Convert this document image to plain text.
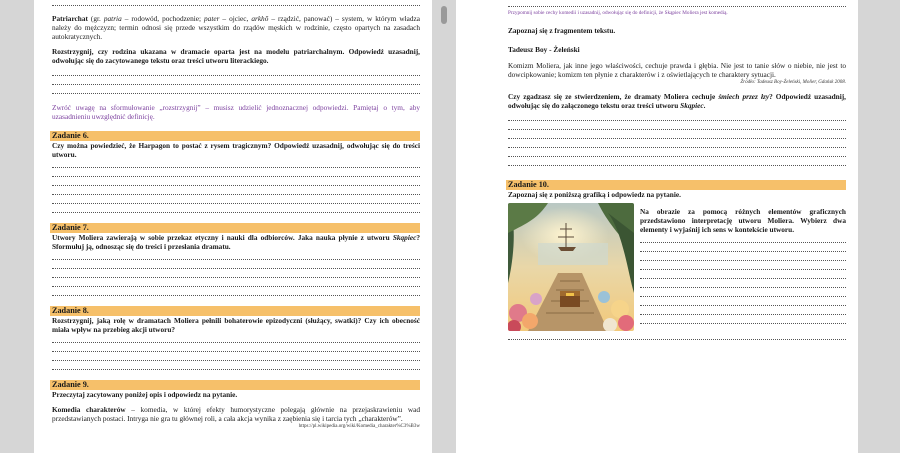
Patriarchat (gr. patria – rodowód, pochodzenie; pater – ojciec, arkhō – rządzić, panować) – system, w którym władza należy do mężczyzn; termin odnosi się przede wszystkim do rządów męskich w rodzinie, często opartych na zasadach autokratycznych.

Rozstrzygnij, czy rodzina ukazana w dramacie oparta jest na modelu patriarchalnym. Odpowiedź uzasadnij, odwołując się do zacytowanego tekstu oraz treści utworu literackiego.

Zwróć uwagę na sformułowanie „rozstrzygnij” – musisz udzielić jednoznacznej odpowiedzi. Pamiętaj o tym, aby uzasadnieniu uwzględnić definicję.

Zadanie 6.

Czy można powiedzieć, że Harpagon to postać z rysem tragicznym? Odpowiedź uzasadnij, odwołując się do treści utworu.

Zadanie 7.

Utwory Moliera zawierają w sobie przekaz etyczny i nauki dla odbiorców. Jaka nauka płynie z utworu Skąpiec? Sformułuj ją, odnosząc się do treści i przesłania dramatu.

Zadanie 8.

Rozstrzygnij, jaką rolę w dramatach Moliera pełnili bohaterowie epizodyczni (służący, swatki)? Czy ich obecność miała wpływ na przebieg akcji utworu?

Zadanie 9.

Przeczytaj zacytowany poniżej opis i odpowiedz na pytanie.

Komedia charakterów – komedia, w której efekty humorystyczne polegają głównie na przejaskrawieniu wad przedstawianych postaci. Intryga nie gra tu głównej roli, a cała akcja wynika z zaębienia się i tarcia tych „charakterów”.

https://pl.wikipedia.org/wiki/Komedia_charakter%C3%B3w

Przypomnij sobie cechy komedii i uzasadnij, odwołując się do definicji, że Skąpiec Moliera jest komedią.

Zapoznaj się z fragmentem tekstu.

Tadeusz Boy - Żeleński

Komizm Moliera, jak inne jego właściwości, cechuje prawda i głębia. Nie jest to tanie słów o niebie, nie jest to dowcipkowanie; komizm ten płynie z charakterów i z oświetlających te charaktery sytuacji.

Źródło: Tadeusz Boy-Żeleński, Molier, Gdańsk 2008.

Czy zgadzasz się ze stwierdzeniem, że dramaty Moliera cechuje śmiech przez łzy? Odpowiedź uzasadnij, odwołując się do załączonego tekstu oraz treści utworu Skąpiec.

Zadanie 10.

Zapoznaj się z poniższą grafiką i odpowiedz na pytanie.

Na obrazie za pomocą różnych elementów graficznych przedstawiono interpretację utworu Moliera. Wybierz dwa elementy i wyjaśnij ich sens w kontekście utworu.
